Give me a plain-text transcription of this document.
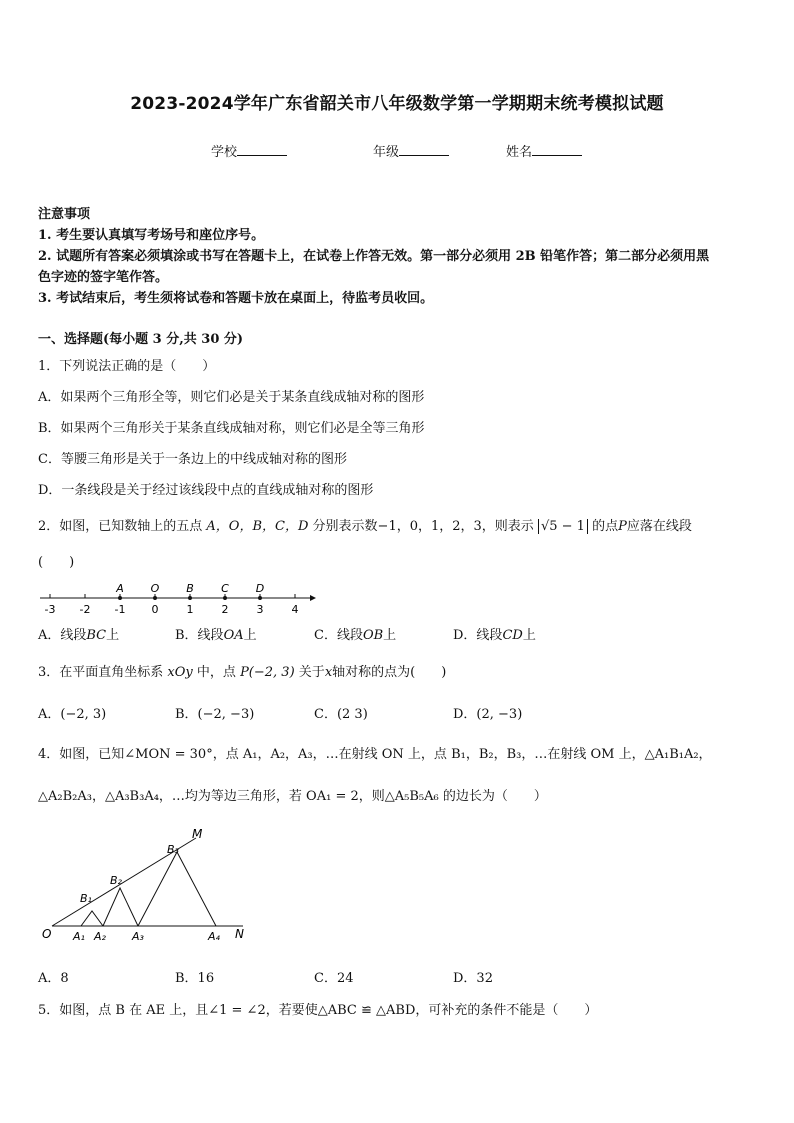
2023-2024学年广东省韶关市八年级数学第一学期期末统考模拟试题
学校	年级	姓名
注意事项
1. 考生要认真填写考场号和座位序号。
2. 试题所有答案必须填涂或书写在答题卡上，在试卷上作答无效。第一部分必须用 2B 铅笔作答；第二部分必须用黑
色字迹的签字笔作答。
3. 考试结束后，考生须将试卷和答题卡放在桌面上，待监考员收回。
一、选择题(每小题 3 分,共 30 分)
1．下列说法正确的是（　　）
A．如果两个三角形全等，则它们必是关于某条直线成轴对称的图形
B．如果两个三角形关于某条直线成轴对称，则它们必是全等三角形
C．等腰三角形是关于一条边上的中线成轴对称的图形
D．一条线段是关于经过该线段中点的直线成轴对称的图形
2．如图，已知数轴上的五点 A，O，B，C，D 分别表示数−1，0，1，2，3，则表示 √5 − 1 的点P应落在线段
(　　)
-3 -2 -1 0	1	2	3	4
A O B C D
A．线段BC上	B．线段OA上	C．线段OB上	D．线段CD上
3．在平面直角坐标系 xOy 中，点 P(−2, 3) 关于x轴对称的点为(　　)
A．(−2, 3)	B．(−2, −3)	C．(2 3)	D．(2, −3)
4．如图，已知∠MON = 30°，点 A₁，A₂，A₃，…在射线 ON 上，点 B₁，B₂，B₃，…在射线 OM 上，△A₁B₁A₂，
△A₂B₂A₃，△A₃B₃A₄，…均为等边三角形，若 OA₁ = 2，则△A₅B₅A₆ 的边长为（　　）
O	N
M
A₁ A₂ A₃	A₄
B₁
B₂
B₃
A．8	B．16	C．24	D．32
5．如图，点 B 在 AE 上，且∠1 = ∠2，若要使△ABC ≌ △ABD，可补充的条件不能是（　　）
